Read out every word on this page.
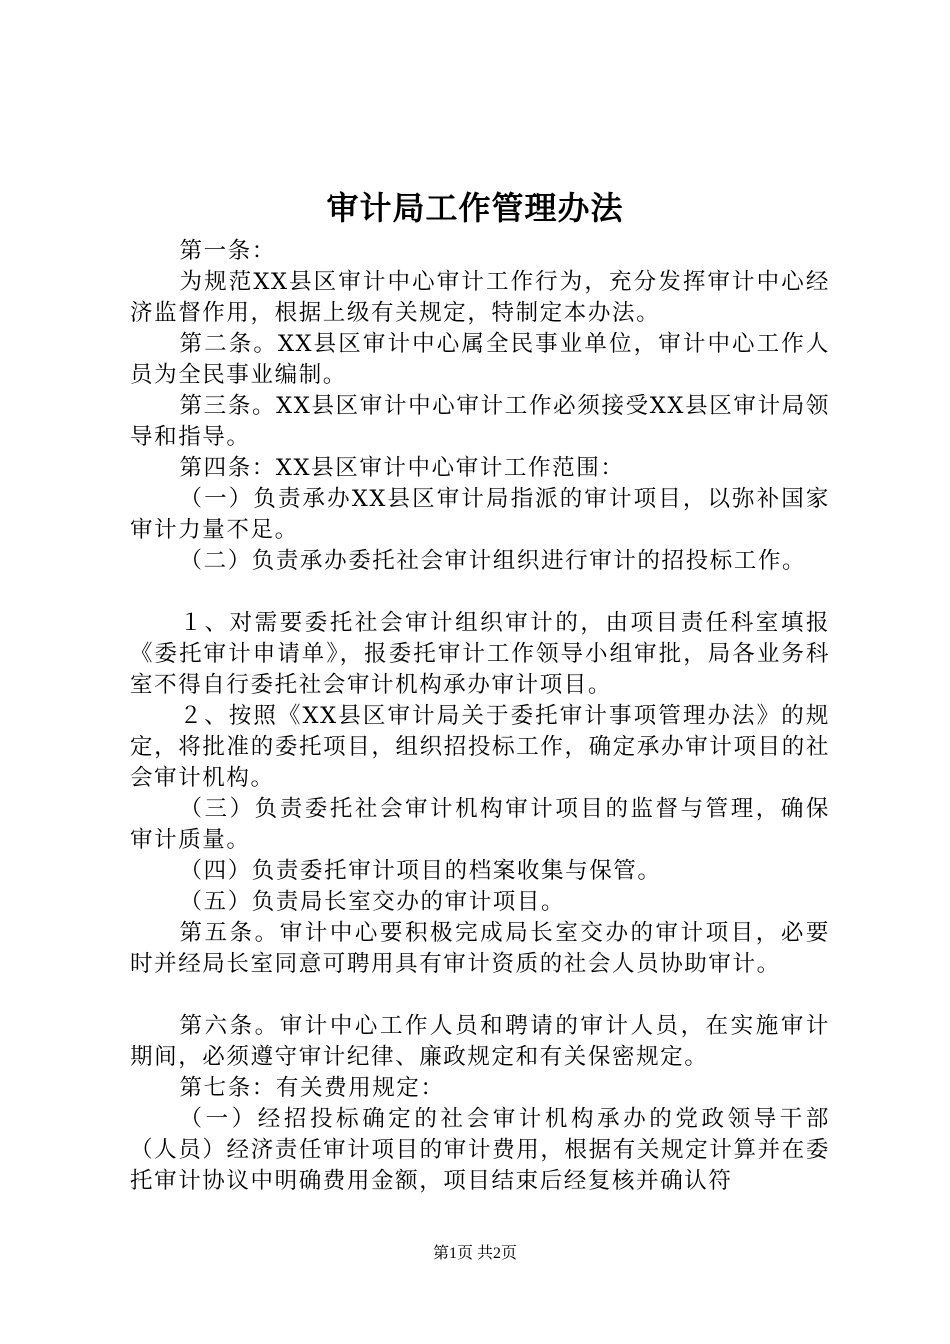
审计局工作管理办法

第一条：

为规范XX县区审计中心审计工作行为，充分发挥审计中心经济监督作用，根据上级有关规定，特制定本办法。

第二条。XX县区审计中心属全民事业单位，审计中心工作人员为全民事业编制。

第三条。XX县区审计中心审计工作必须接受XX县区审计局领导和指导。

第四条：XX县区审计中心审计工作范围：

（一）负责承办XX县区审计局指派的审计项目，以弥补国家审计力量不足。

（二）负责承办委托社会审计组织进行审计的招投标工作。

１、对需要委托社会审计组织审计的，由项目责任科室填报《委托审计申请单》，报委托审计工作领导小组审批，局各业务科室不得自行委托社会审计机构承办审计项目。

２、按照《XX县区审计局关于委托审计事项管理办法》的规定，将批准的委托项目，组织招投标工作，确定承办审计项目的社会审计机构。

（三）负责委托社会审计机构审计项目的监督与管理，确保审计质量。

（四）负责委托审计项目的档案收集与保管。

（五）负责局长室交办的审计项目。

第五条。审计中心要积极完成局长室交办的审计项目，必要时并经局长室同意可聘用具有审计资质的社会人员协助审计。

第六条。审计中心工作人员和聘请的审计人员，在实施审计期间，必须遵守审计纪律、廉政规定和有关保密规定。

第七条：有关费用规定：

（一）经招投标确定的社会审计机构承办的党政领导干部（人员）经济责任审计项目的审计费用，根据有关规定计算并在委托审计协议中明确费用金额，项目结束后经复核并确认符

第1页 共2页
